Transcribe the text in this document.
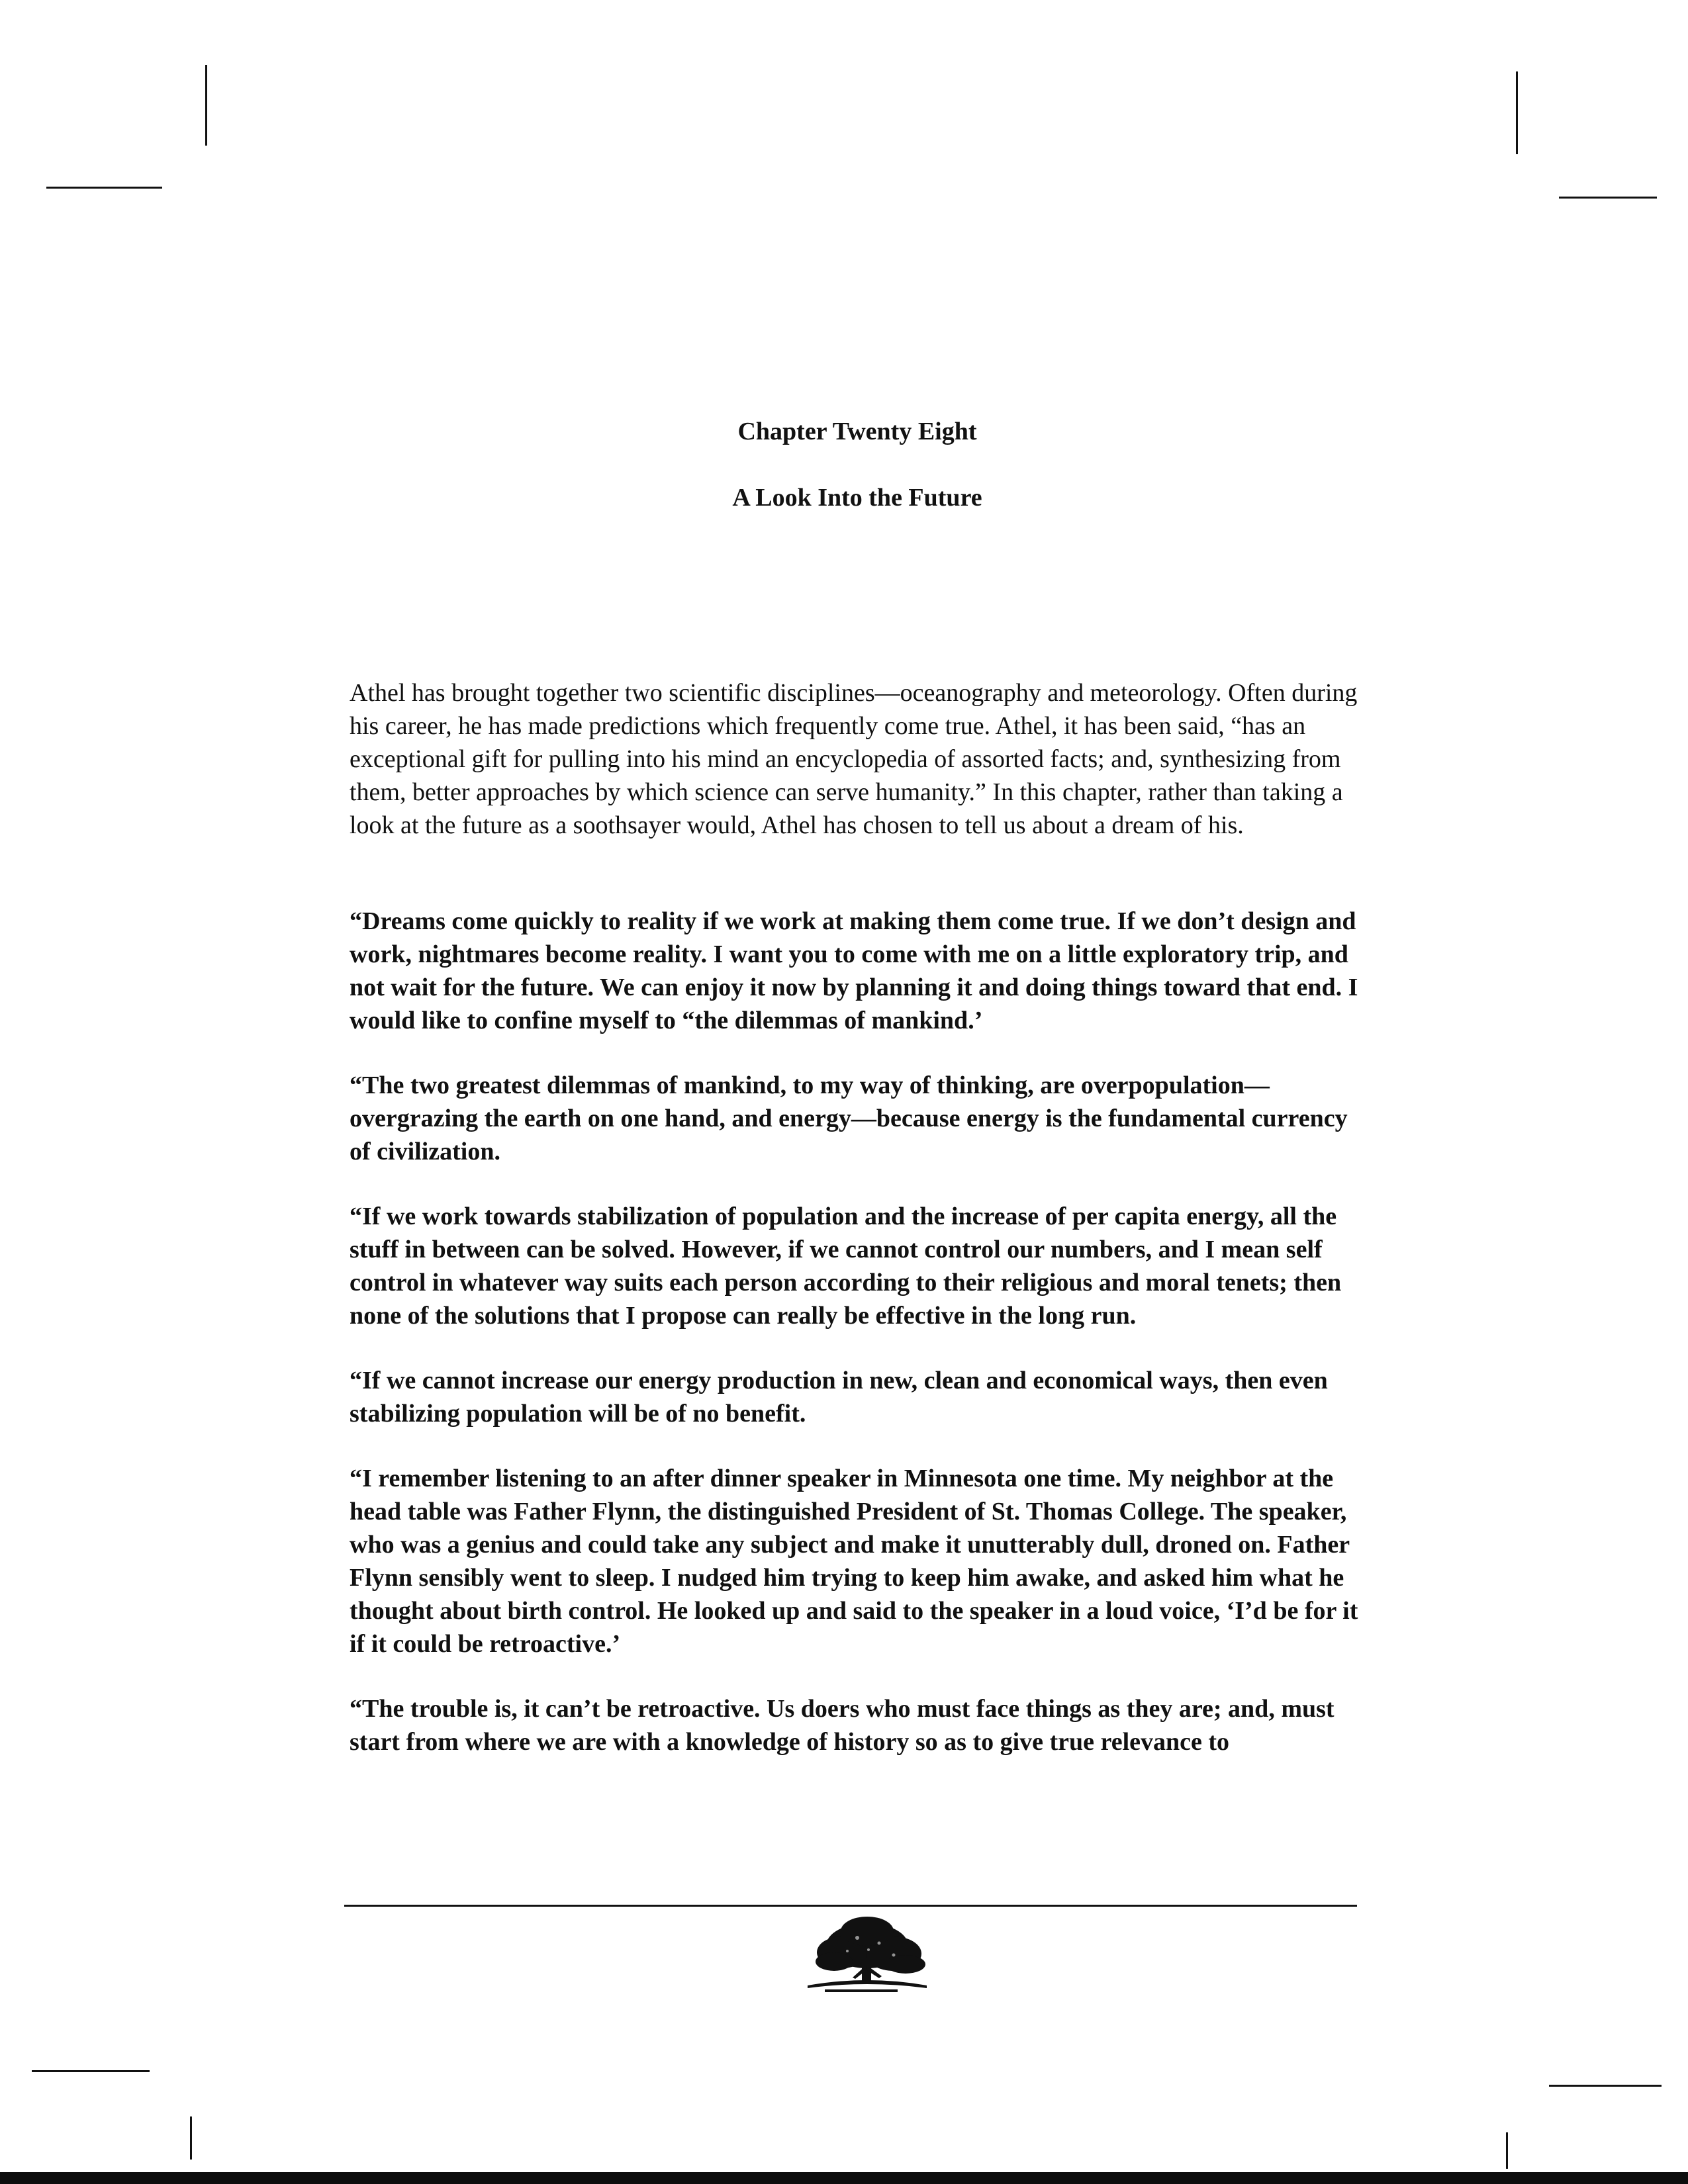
Chapter Twenty Eight
A Look Into the Future

Athel has brought together two scientific disciplines—oceanography and meteorology. Often during his career, he has made predictions which frequently come true. Athel, it has been said, “has an exceptional gift for pulling into his mind an encyclopedia of assorted facts; and, synthesizing from them, better approaches by which science can serve humanity.” In this chapter, rather than taking a look at the future as a soothsayer would, Athel has chosen to tell us about a dream of his.

“Dreams come quickly to reality if we work at making them come true. If we don’t design and work, nightmares become reality. I want you to come with me on a little exploratory trip, and not wait for the future. We can enjoy it now by planning it and doing things toward that end. I would like to confine myself to “the dilemmas of mankind.’

“The two greatest dilemmas of mankind, to my way of thinking, are overpopulation—overgrazing the earth on one hand, and energy—because energy is the fundamental currency of civilization.

“If we work towards stabilization of population and the increase of per capita energy, all the stuff in between can be solved. However, if we cannot control our numbers, and I mean self control in whatever way suits each person according to their religious and moral tenets; then none of the solutions that I propose can really be effective in the long run.

“If we cannot increase our energy production in new, clean and economical ways, then even stabilizing population will be of no benefit.

“I remember listening to an after dinner speaker in Minnesota one time. My neighbor at the head table was Father Flynn, the distinguished President of St. Thomas College. The speaker, who was a genius and could take any subject and make it unutterably dull, droned on. Father Flynn sensibly went to sleep. I nudged him trying to keep him awake, and asked him what he thought about birth control. He looked up and said to the speaker in a loud voice, ‘I’d be for it if it could be retroactive.’

“The trouble is, it can’t be retroactive. Us doers who must face things as they are; and, must start from where we are with a knowledge of history so as to give true relevance to
